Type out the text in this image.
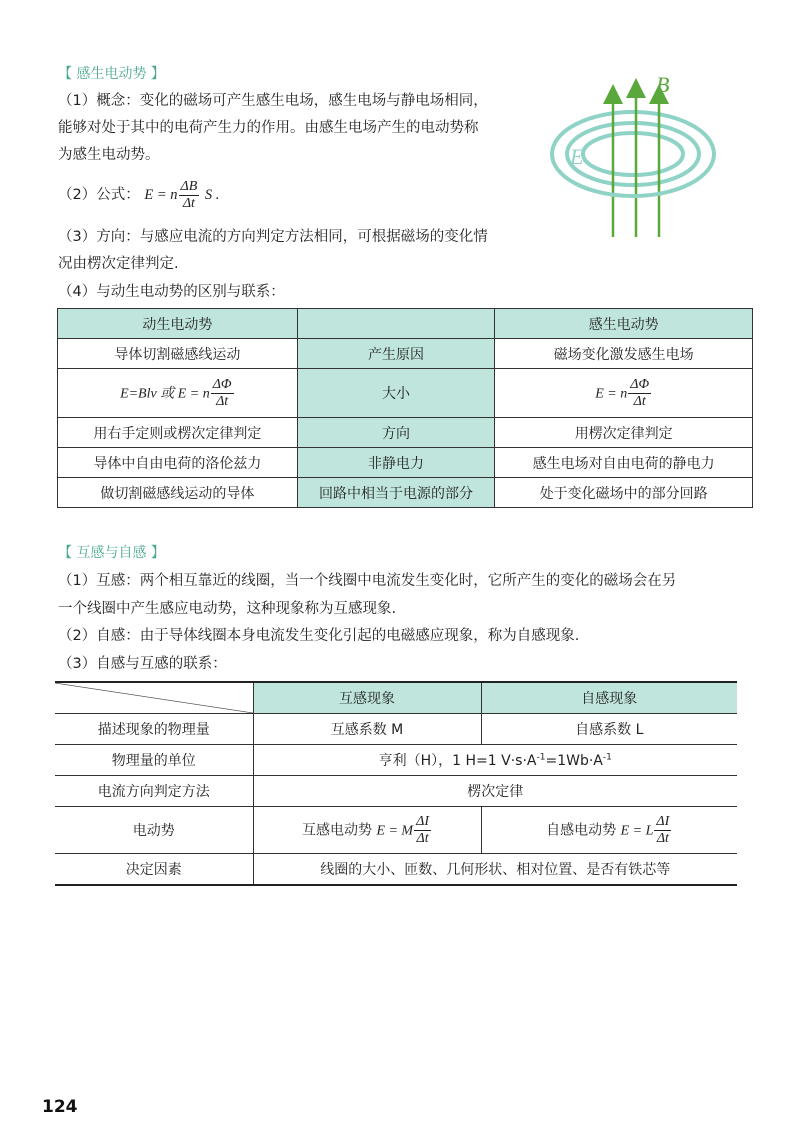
【 感生电动势 】
（1）概念：变化的磁场可产生感生电场，感生电场与静电场相同，
能够对处于其中的电荷产生力的作用。由感生电场产生的电动势称
为感生电动势。
（2）公式： E = n $\frac{\Delta B}{\Delta t}$ S .
（3）方向：与感应电流的方向判定方法相同，可根据磁场的变化情
况由楞次定律判定.
（4）与动生电动势的区别与联系：
B
E
动生电动势		感生电动势
导体切割磁感线运动	产生原因	磁场变化激发感生电场
E=Blv 或 E = n $\frac{\Delta\Phi}{\Delta t}$	大小	E = n $\frac{\Delta\Phi}{\Delta t}$

用右手定则或楞次定律判定	方向	用楞次定律判定
导体中自由电荷的洛伦兹力	非静电力	感生电场对自由电荷的静电力
做切割磁感线运动的导体	回路中相当于电源的部分	处于变化磁场中的部分回路
【 互感与自感 】
（1）互感：两个相互靠近的线圈，当一个线圈中电流发生变化时，它所产生的变化的磁场会在另
一个线圈中产生感应电动势，这种现象称为互感现象.
（2）自感：由于导体线圈本身电流发生变化引起的电磁感应现象，称为自感现象.
（3）自感与互感的联系：
	互感现象	自感现象
描述现象的物理量	互感系数 M	自感系数 L
物理量的单位	亨利（H），1 H=1 $V\cdot s\cdot A^{-1}=1Wb\cdot A^{-1}$
电流方向判定方法	楞次定律	
电动势	互感电动势 E = M $\frac{\Delta I}{\Delta t}$	自感电动势 E = L $\frac{\Delta I}{\Delta t}$

决定因素	线圈的大小、匝数、几何形状、相对位置、是否有铁芯等	
124
